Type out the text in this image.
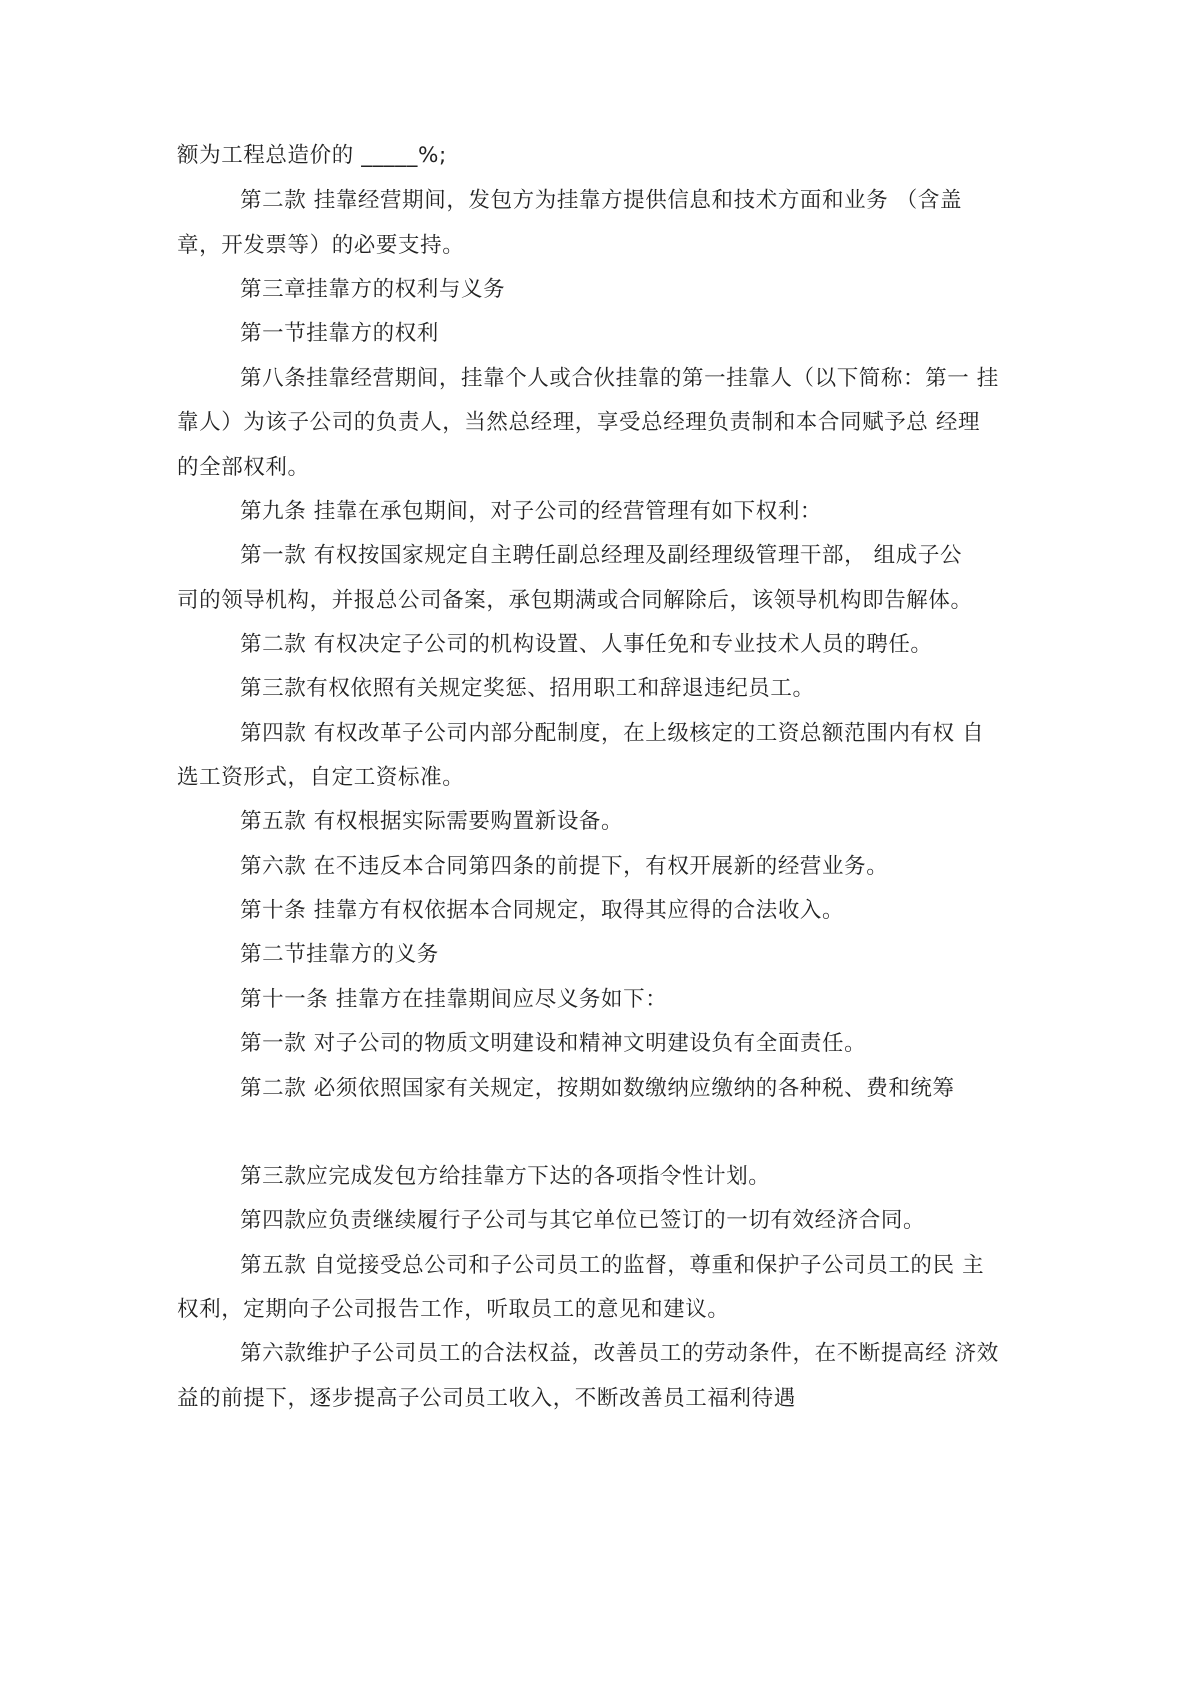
额为工程总造价的 _____%;
第二款 挂靠经营期间，发包方为挂靠方提供信息和技术方面和业务 （含盖
章，开发票等）的必要支持。
第三章挂靠方的权利与义务
第一节挂靠方的权利
第八条挂靠经营期间，挂靠个人或合伙挂靠的第一挂靠人（以下简称：第一 挂
靠人）为该子公司的负责人，当然总经理，享受总经理负责制和本合同赋予总 经理
的全部权利。
第九条 挂靠在承包期间，对子公司的经营管理有如下权利：
第一款 有权按国家规定自主聘任副总经理及副经理级管理干部， 组成子公
司的领导机构，并报总公司备案，承包期满或合同解除后，该领导机构即告解体。
第二款 有权决定子公司的机构设置、人事任免和专业技术人员的聘任。
第三款有权依照有关规定奖惩、招用职工和辞退违纪员工。
第四款 有权改革子公司内部分配制度，在上级核定的工资总额范围内有权 自
选工资形式，自定工资标准。
第五款 有权根据实际需要购置新设备。
第六款 在不违反本合同第四条的前提下，有权开展新的经营业务。
第十条 挂靠方有权依据本合同规定，取得其应得的合法收入。
第二节挂靠方的义务
第十一条 挂靠方在挂靠期间应尽义务如下：
第一款 对子公司的物质文明建设和精神文明建设负有全面责任。
第二款 必须依照国家有关规定，按期如数缴纳应缴纳的各种税、费和统筹
第三款应完成发包方给挂靠方下达的各项指令性计划。
第四款应负责继续履行子公司与其它单位已签订的一切有效经济合同。
第五款 自觉接受总公司和子公司员工的监督，尊重和保护子公司员工的民 主
权利，定期向子公司报告工作，听取员工的意见和建议。
第六款维护子公司员工的合法权益，改善员工的劳动条件，在不断提高经 济效
益的前提下，逐步提高子公司员工收入，不断改善员工福利待遇
